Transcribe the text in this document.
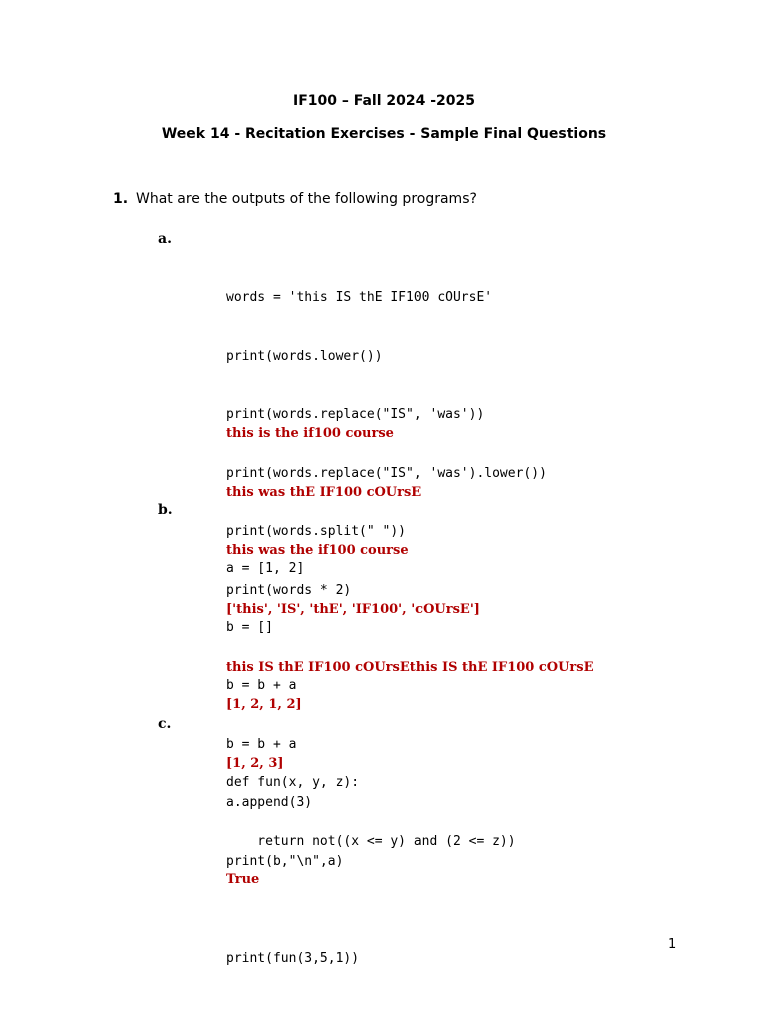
IF100 – Fall 2024 -2025
Week 14 - Recitation Exercises - Sample Final Questions
1. What are the outputs of the following programs?
a.

words = 'this IS thE IF100 cOUrsE'

print(words.lower())

print(words.replace("IS", 'was'))

print(words.replace("IS", 'was').lower())

print(words.split(" "))

print(words * 2)

this is the if100 course

this was thE IF100 cOUrsE

this was the if100 course

['this', 'IS', 'thE', 'IF100', 'cOUrsE']

this IS thE IF100 cOUrsEthis IS thE IF100 cOUrsE

b.

a = [1, 2]

b = []

b = b + a

b = b + a

a.append(3)

print(b,"\n",a)

[1, 2, 1, 2]

[1, 2, 3]

c.

def fun(x, y, z):

return not((x <= y) and (2 <= z))

print(fun(3,5,1))

True

1
